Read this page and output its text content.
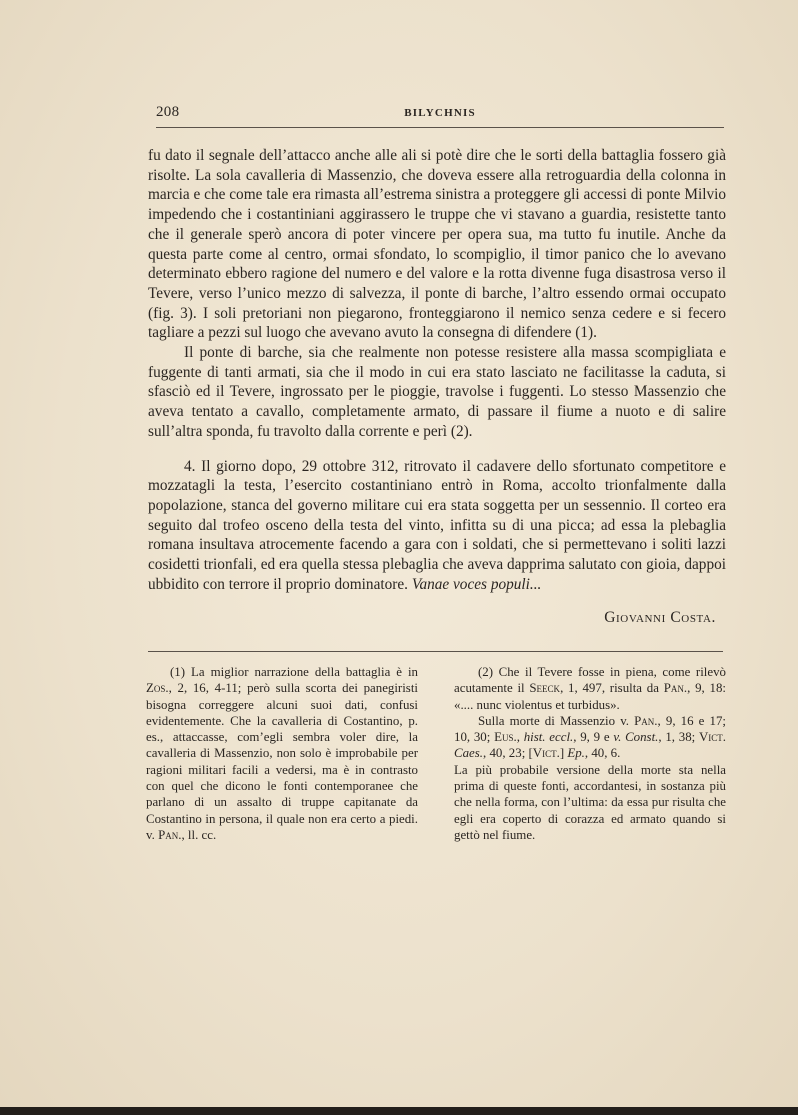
208	BILYCHNIS

fu dato il segnale dell’attacco anche alle ali si potè dire che le sorti della battaglia fossero già risolte. La sola cavalleria di Massenzio, che doveva essere alla retroguardia della colonna in marcia e che come tale era rimasta all’estrema sinistra a proteggere gli accessi di ponte Milvio impedendo che i costantiniani aggirassero le truppe che vi stavano a guardia, resistette tanto che il generale sperò ancora di poter vincere per opera sua, ma tutto fu inutile. Anche da questa parte come al centro, ormai sfondato, lo scompiglio, il timor panico che lo avevano determinato ebbero ragione del numero e del valore e la rotta divenne fuga disastrosa verso il Tevere, verso l’unico mezzo di salvezza, il ponte di barche, l’altro essendo ormai occupato (fig. 3). I soli pretoriani non piegarono, fronteggiarono il nemico senza cedere e si fecero tagliare a pezzi sul luogo che avevano avuto la consegna di difendere (1).

Il ponte di barche, sia che realmente non potesse resistere alla massa scompigliata e fuggente di tanti armati, sia che il modo in cui era stato lasciato ne facilitasse la caduta, si sfasciò ed il Tevere, ingrossato per le pioggie, travolse i fuggenti. Lo stesso Massenzio che aveva tentato a cavallo, completamente armato, di passare il fiume a nuoto e di salire sull’altra sponda, fu travolto dalla corrente e perì (2).

4. Il giorno dopo, 29 ottobre 312, ritrovato il cadavere dello sfortunato competitore e mozzatagli la testa, l’esercito costantiniano entrò in Roma, accolto trionfalmente dalla popolazione, stanca del governo militare cui era stata soggetta per un sessennio. Il corteo era seguito dal trofeo osceno della testa del vinto, infitta su di una picca; ad essa la plebaglia romana insultava atrocemente facendo a gara con i soldati, che si permettevano i soliti lazzi cosidetti trionfali, ed era quella stessa plebaglia che aveva dapprima salutato con gioia, dappoi ubbidito con terrore il proprio dominatore. Vanae voces populi...

Giovanni Costa.

(1) La miglior narrazione della battaglia è in Zos., 2, 16, 4-11; però sulla scorta dei panegiristi bisogna correggere alcuni suoi dati, confusi evidentemente. Che la cavalleria di Costantino, p. es., attaccasse, com’egli sembra voler dire, la cavalleria di Massenzio, non solo è improbabile per ragioni militari facili a vedersi, ma è in contrasto con quel che dicono le fonti contemporanee che parlano di un assalto di truppe capitanate da Costantino in persona, il quale non era certo a piedi. v. Pan., ll. cc.

(2) Che il Tevere fosse in piena, come rilevò acutamente il Seeck, 1, 497, risulta da Pan., 9, 18: «.... nunc violentus et turbidus».

Sulla morte di Massenzio v. Pan., 9, 16 e 17; 10, 30; Eus., hist. eccl., 9, 9 e v. Const., 1, 38; Vict. Caes., 40, 23; [Vict.] Ep., 40, 6.

La più probabile versione della morte sta nella prima di queste fonti, accordantesi, in sostanza più che nella forma, con l’ultima: da essa pur risulta che egli era coperto di corazza ed armato quando si gettò nel fiume.
